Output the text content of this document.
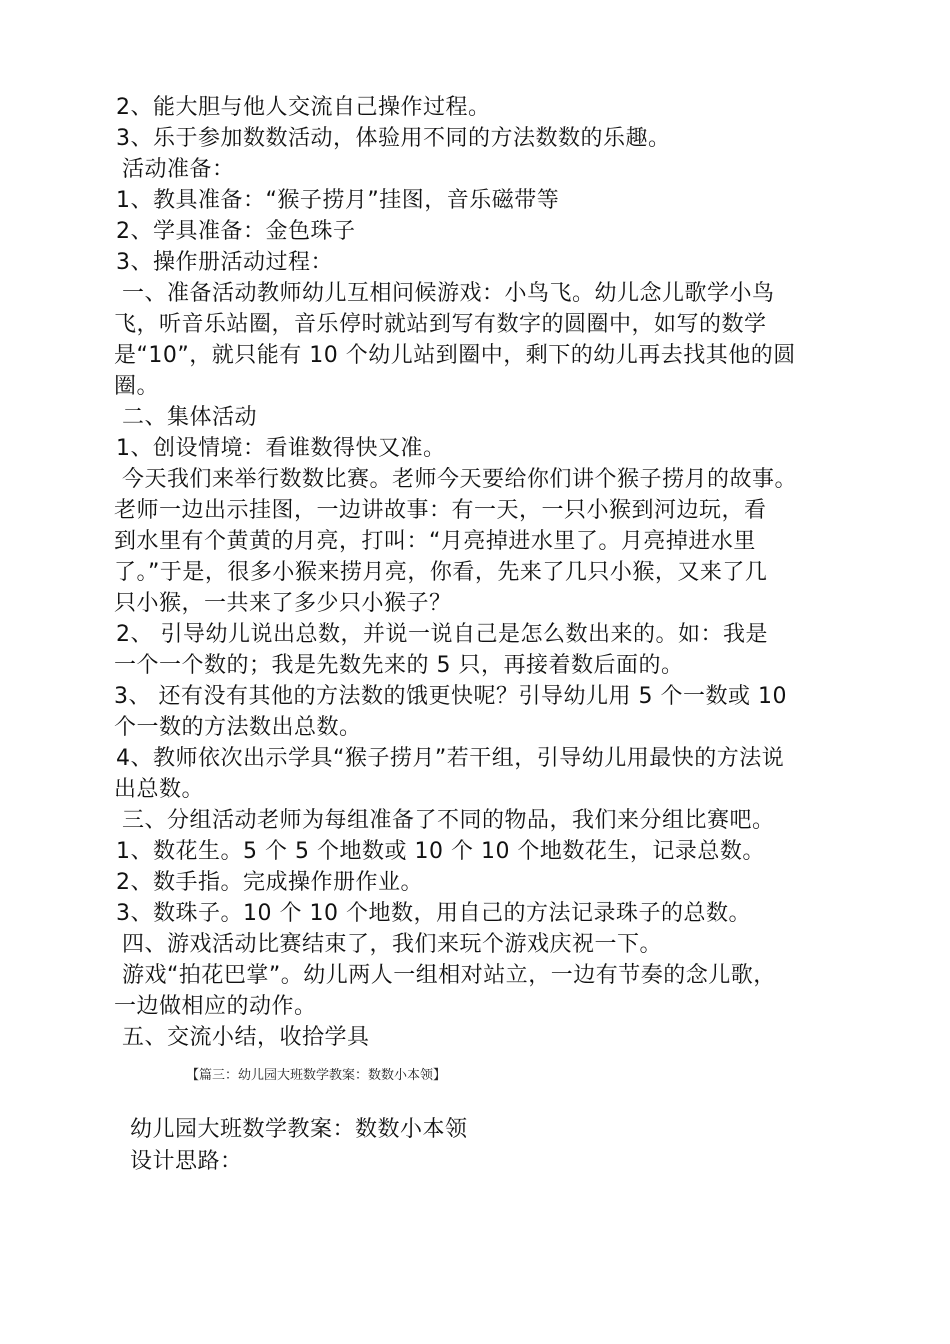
2、能大胆与他人交流自己操作过程。
3、乐于参加数数活动，体验用不同的方法数数的乐趣。
活动准备：
1、教具准备：“猴子捞月”挂图，音乐磁带等
2、学具准备：金色珠子
3、操作册活动过程：
一、准备活动教师幼儿互相问候游戏：小鸟飞。幼儿念儿歌学小鸟
飞，听音乐站圈，音乐停时就站到写有数字的圆圈中，如写的数学
是“10”，就只能有 10 个幼儿站到圈中，剩下的幼儿再去找其他的圆
圈。
二、集体活动
1、创设情境：看谁数得快又准。
今天我们来举行数数比赛。老师今天要给你们讲个猴子捞月的故事。
老师一边出示挂图，一边讲故事：有一天，一只小猴到河边玩，看
到水里有个黄黄的月亮，打叫：“月亮掉进水里了。月亮掉进水里
了。”于是，很多小猴来捞月亮，你看，先来了几只小猴，又来了几
只小猴，一共来了多少只小猴子？
2、 引导幼儿说出总数，并说一说自己是怎么数出来的。如：我是
一个一个数的；我是先数先来的 5 只，再接着数后面的。
3、 还有没有其他的方法数的饿更快呢？引导幼儿用 5 个一数或 10
个一数的方法数出总数。
4、教师依次出示学具“猴子捞月”若干组，引导幼儿用最快的方法说
出总数。
三、分组活动老师为每组准备了不同的物品，我们来分组比赛吧。
1、数花生。5 个 5 个地数或 10 个 10 个地数花生，记录总数。
2、数手指。完成操作册作业。
3、数珠子。10 个 10 个地数，用自己的方法记录珠子的总数。
四、游戏活动比赛结束了，我们来玩个游戏庆祝一下。
游戏“拍花巴掌”。幼儿两人一组相对站立，一边有节奏的念儿歌，
一边做相应的动作。
五、交流小结，收拾学具
【篇三：幼儿园大班数学教案：数数小本领】
幼儿园大班数学教案：数数小本领
设计思路：
